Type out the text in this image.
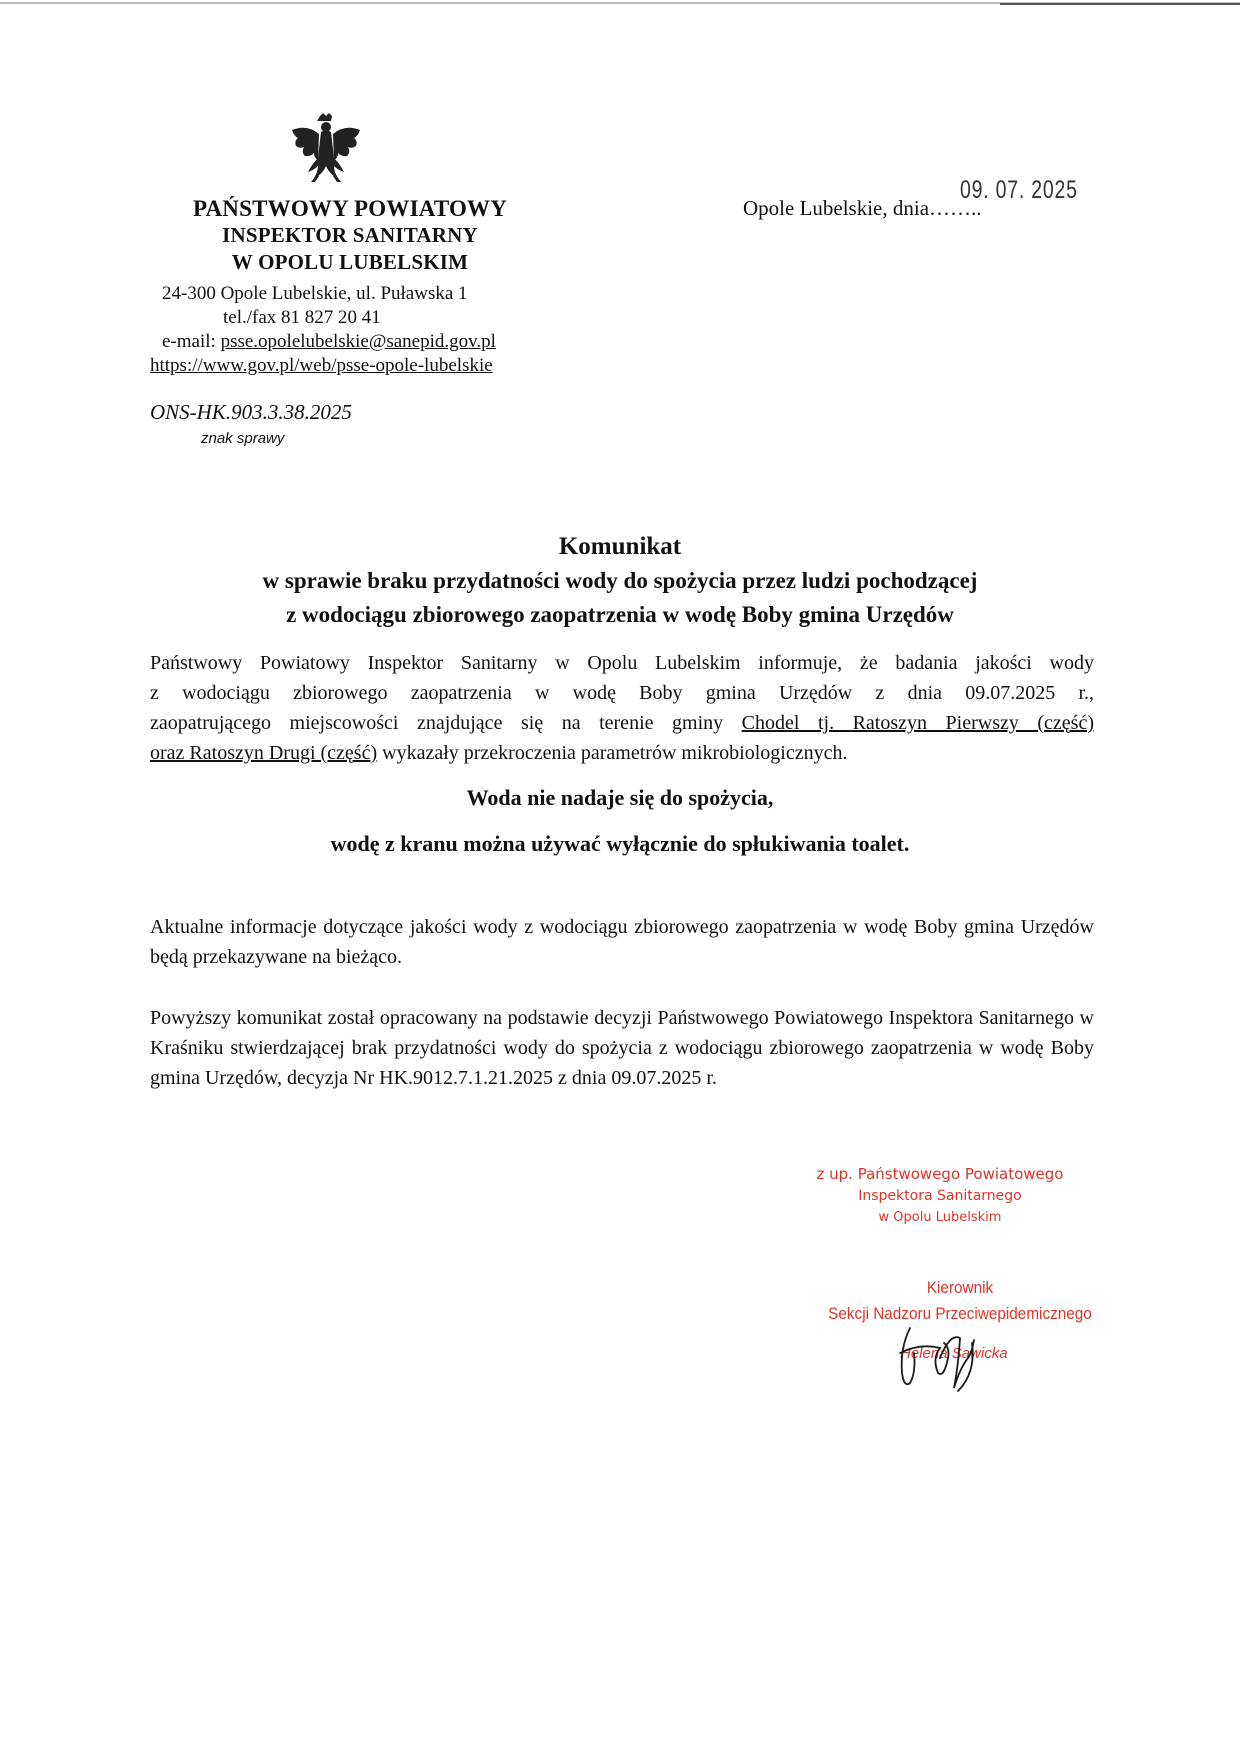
PAŃSTWOWY POWIATOWY
INSPEKTOR SANITARNY
W OPOLU LUBELSKIM
24-300 Opole Lubelskie, ul. Puławska 1
tel./fax 81 827 20 41
e-mail: psse.opolelubelskie@sanepid.gov.pl
https://www.gov.pl/web/psse-opole-lubelskie
ONS-HK.903.3.38.2025
znak sprawy
Opole Lubelskie, dnia……..
09. 07. 2025
Komunikat
w sprawie braku przydatności wody do spożycia przez ludzi pochodzącej
z wodociągu zbiorowego zaopatrzenia w wodę Boby gmina Urzędów
Państwowy Powiatowy Inspektor Sanitarny w Opolu Lubelskim informuje, że badania jakości wody
z wodociągu zbiorowego zaopatrzenia w wodę Boby gmina Urzędów z dnia 09.07.2025 r.,
zaopatrującego miejscowości znajdujące się na terenie gminy Chodel tj. Ratoszyn Pierwszy (część)
oraz Ratoszyn Drugi (część) wykazały przekroczenia parametrów mikrobiologicznych.
Woda nie nadaje się do spożycia,
wodę z kranu można używać wyłącznie do spłukiwania toalet.
Aktualne informacje dotyczące jakości wody z wodociągu zbiorowego zaopatrzenia w wodę Boby gmina Urzędów będą przekazywane na bieżąco.
Powyższy komunikat został opracowany na podstawie decyzji Państwowego Powiatowego Inspektora Sanitarnego w Kraśniku stwierdzającej brak przydatności wody do spożycia z wodociągu zbiorowego zaopatrzenia w wodę Boby gmina Urzędów, decyzja Nr HK.9012.7.1.21.2025 z dnia 09.07.2025 r.
z up. Państwowego Powiatowego
Inspektora Sanitarnego
w Opolu Lubelskim
Kierownik
Sekcji Nadzoru Przeciwepidemicznego
Helena Sawicka
